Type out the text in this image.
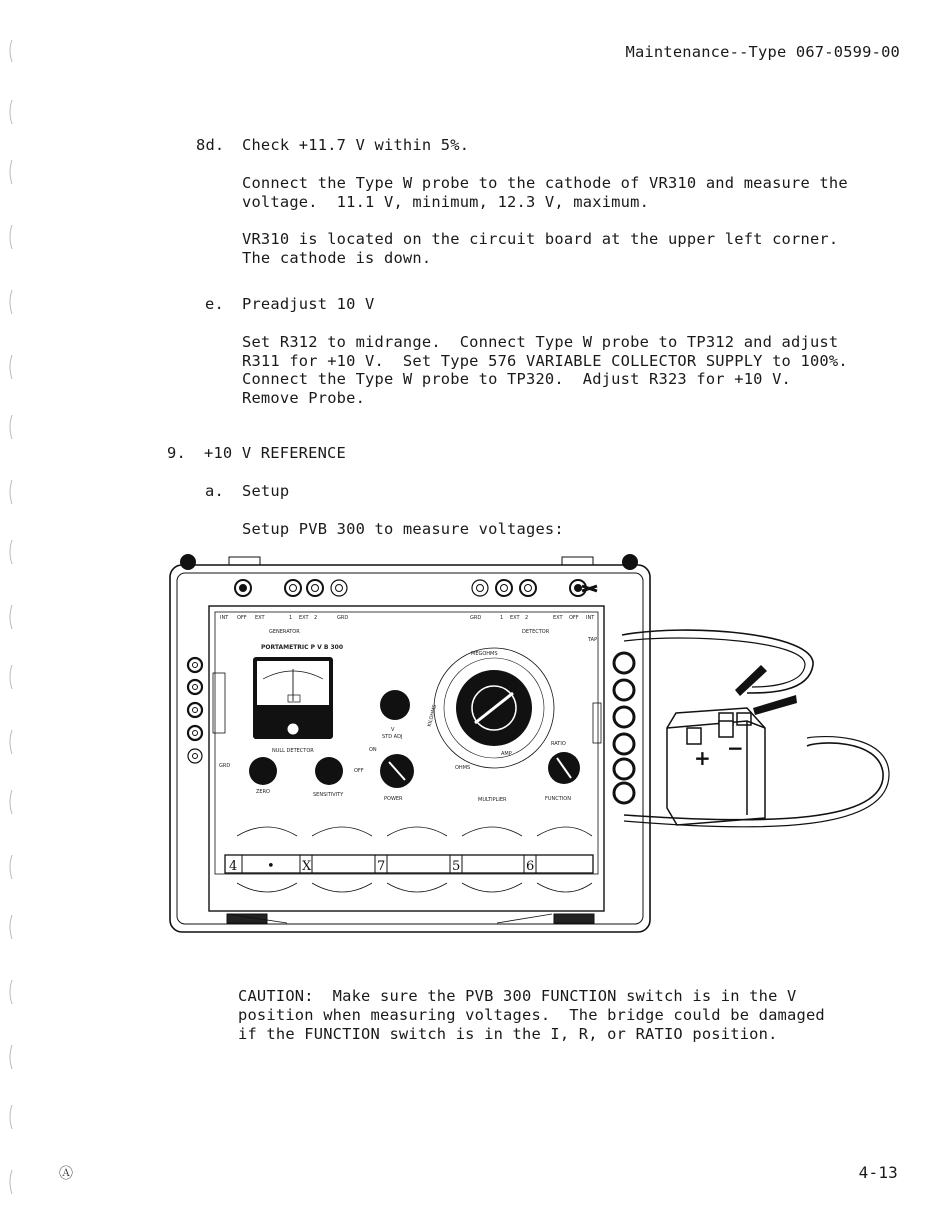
Maintenance--Type 067-0599-00
8d. Check +11.7 V within 5%.
Connect the Type W probe to the cathode of VR310 and measure the
voltage.  11.1 V, minimum, 12.3 V, maximum.
VR310 is located on the circuit board at the upper left corner.
The cathode is down.
e. Preadjust 10 V
Set R312 to midrange.  Connect Type W probe to TP312 and adjust
R311 for +10 V.  Set Type 576 VARIABLE COLLECTOR SUPPLY to 100%.
Connect the Type W probe to TP320.  Adjust R323 for +10 V.
Remove Probe.
9. +10 V REFERENCE
a. Setup
Setup PVB 300 to measure voltages:
INT OFF EXT	1 EXT 2	GRD	GRD	1 EXT 2	EXT OFF INT
GENERATOR	DETECTOR
PORTAMETRIC P V B 300
NULL DETECTOR
GRD
ZERO	SENSITIVITY
V
STD ADJ
ON
OFF
POWER
MEGOHMS
KILOHMS
OHMS
AMP
MULTIPLIER
RATIO
FUNCTION
TAP
4 • X	7	5	6
+ −
CAUTION:  Make sure the PVB 300 FUNCTION switch is in the V
position when measuring voltages.  The bridge could be damaged
if the FUNCTION switch is in the I, R, or RATIO position.
Ⓐ	4-13
